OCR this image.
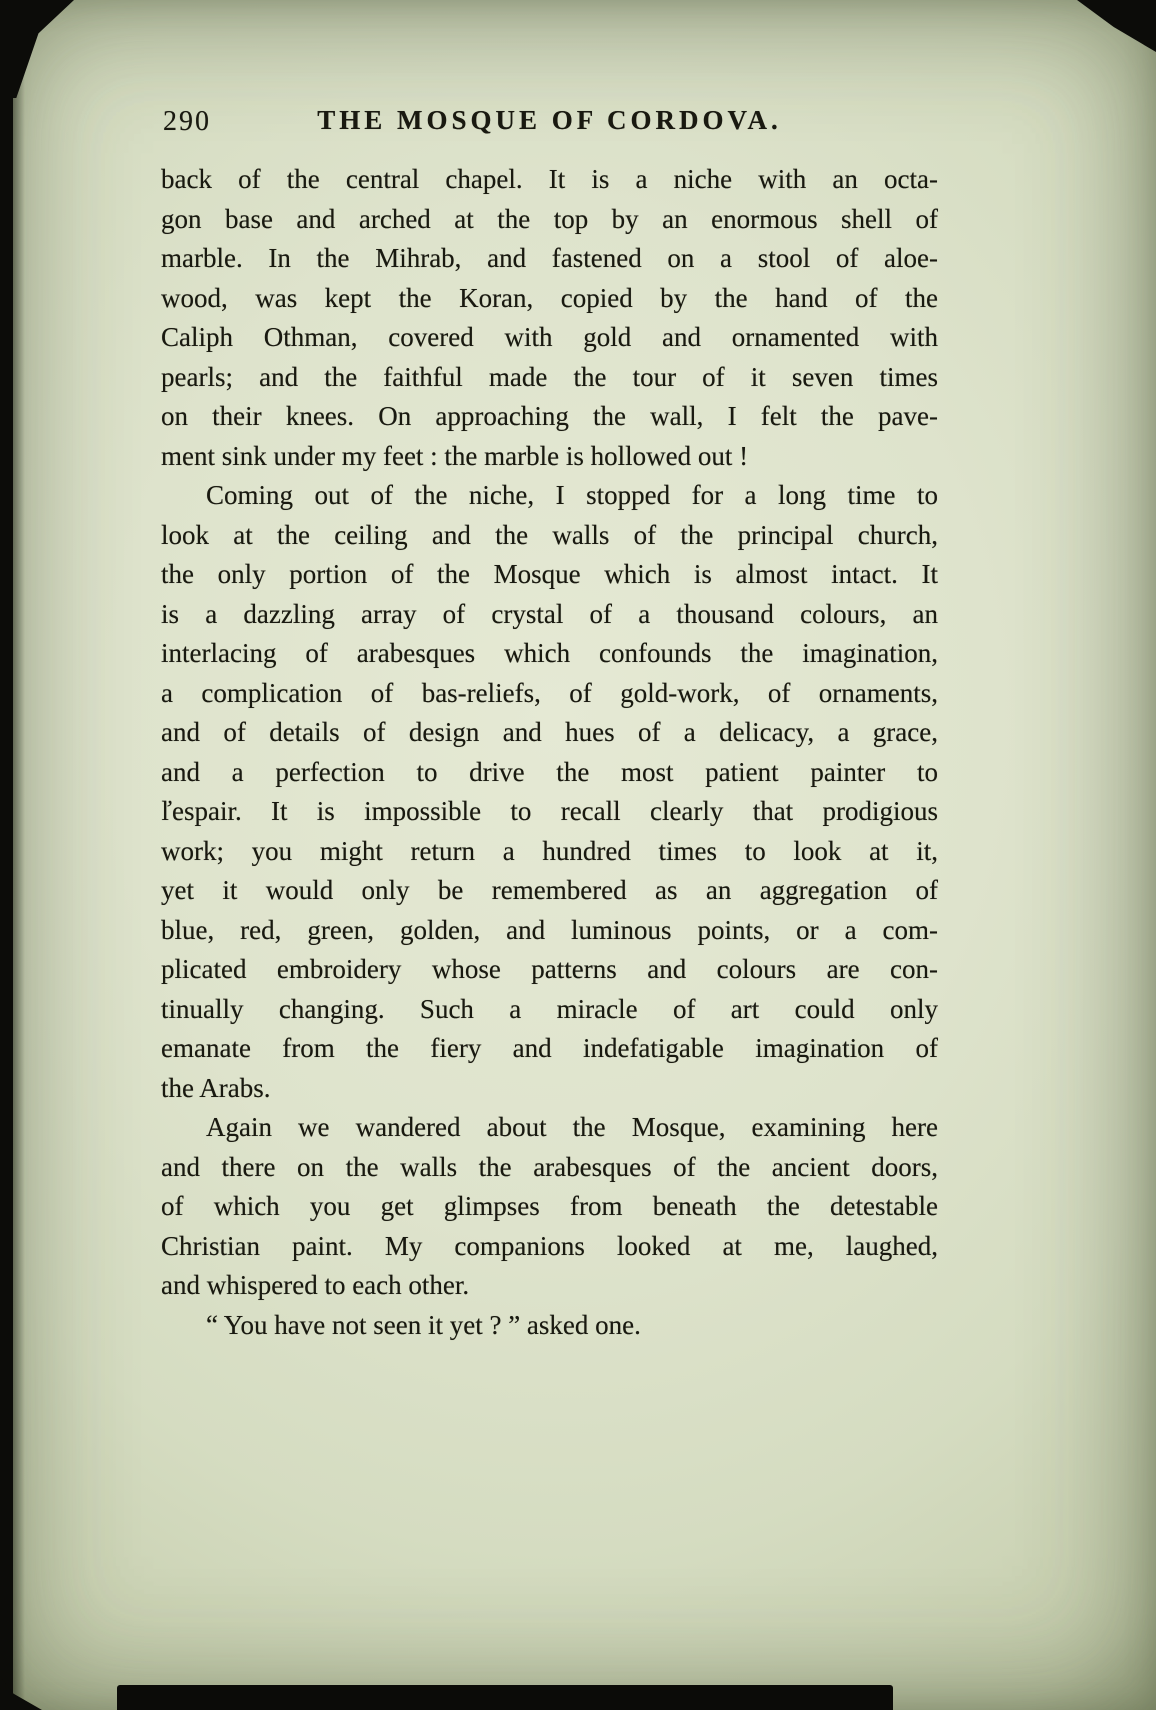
290	THE MOSQUE OF CORDOVA.
back of the central chapel. It is a niche with an octa-
gon base and arched at the top by an enormous shell of
marble. In the Mihrab, and fastened on a stool of aloe-
wood, was kept the Koran, copied by the hand of the
Caliph Othman, covered with gold and ornamented with
pearls; and the faithful made the tour of it seven times
on their knees. On approaching the wall, I felt the pave-
ment sink under my feet : the marble is hollowed out !
Coming out of the niche, I stopped for a long time to
look at the ceiling and the walls of the principal church,
the only portion of the Mosque which is almost intact. It
is a dazzling array of crystal of a thousand colours, an
interlacing of arabesques which confounds the imagination,
a complication of bas-reliefs, of gold-work, of ornaments,
and of details of design and hues of a delicacy, a grace,
and a perfection to drive the most patient painter to
ľespair. It is impossible to recall clearly that prodigious
work; you might return a hundred times to look at it,
yet it would only be remembered as an aggregation of
blue, red, green, golden, and luminous points, or a com-
plicated embroidery whose patterns and colours are con-
tinually changing. Such a miracle of art could only
emanate from the fiery and indefatigable imagination of
the Arabs.
Again we wandered about the Mosque, examining here
and there on the walls the arabesques of the ancient doors,
of which you get glimpses from beneath the detestable
Christian paint. My companions looked at me, laughed,
and whispered to each other.
“ You have not seen it yet ? ” asked one.
